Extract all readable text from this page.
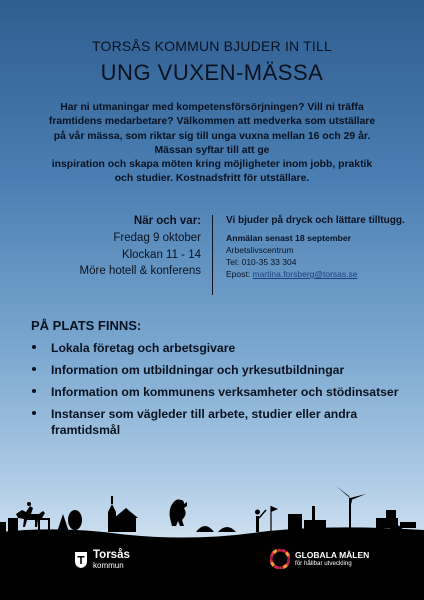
TORSÅS KOMMUN BJUDER IN TILL
UNG VUXEN-MÄSSA
Har ni utmaningar med kompetensförsörjningen? Vill ni träffa
framtidens medarbetare? Välkommen att medverka som utställare
på vår mässa, som riktar sig till unga vuxna mellan 16 och 29 år.
Mässan syftar till att ge
inspiration och skapa möten kring möjligheter inom jobb, praktik
och studier. Kostnadsfritt för utställare.
När och var:
Fredag 9 oktober
Klockan 11 - 14
Möre hotell & konferens
Vi bjuder på dryck och lättare tilltugg.
Anmälan senast 18 september
Arbetslivscentrum
Tel: 010-35 33 304
Epost: martina.forsberg@torsas.se
PÅ PLATS FINNS:
Lokala företag och arbetsgivare
Information om utbildningar och yrkesutbildningar
Information om kommunens verksamheter och stödinsatser
Instanser som vägleder till arbete, studier eller andra framtidsmål
Torsås
kommun
GLOBALA MÅLEN
för hållbar utveckling
